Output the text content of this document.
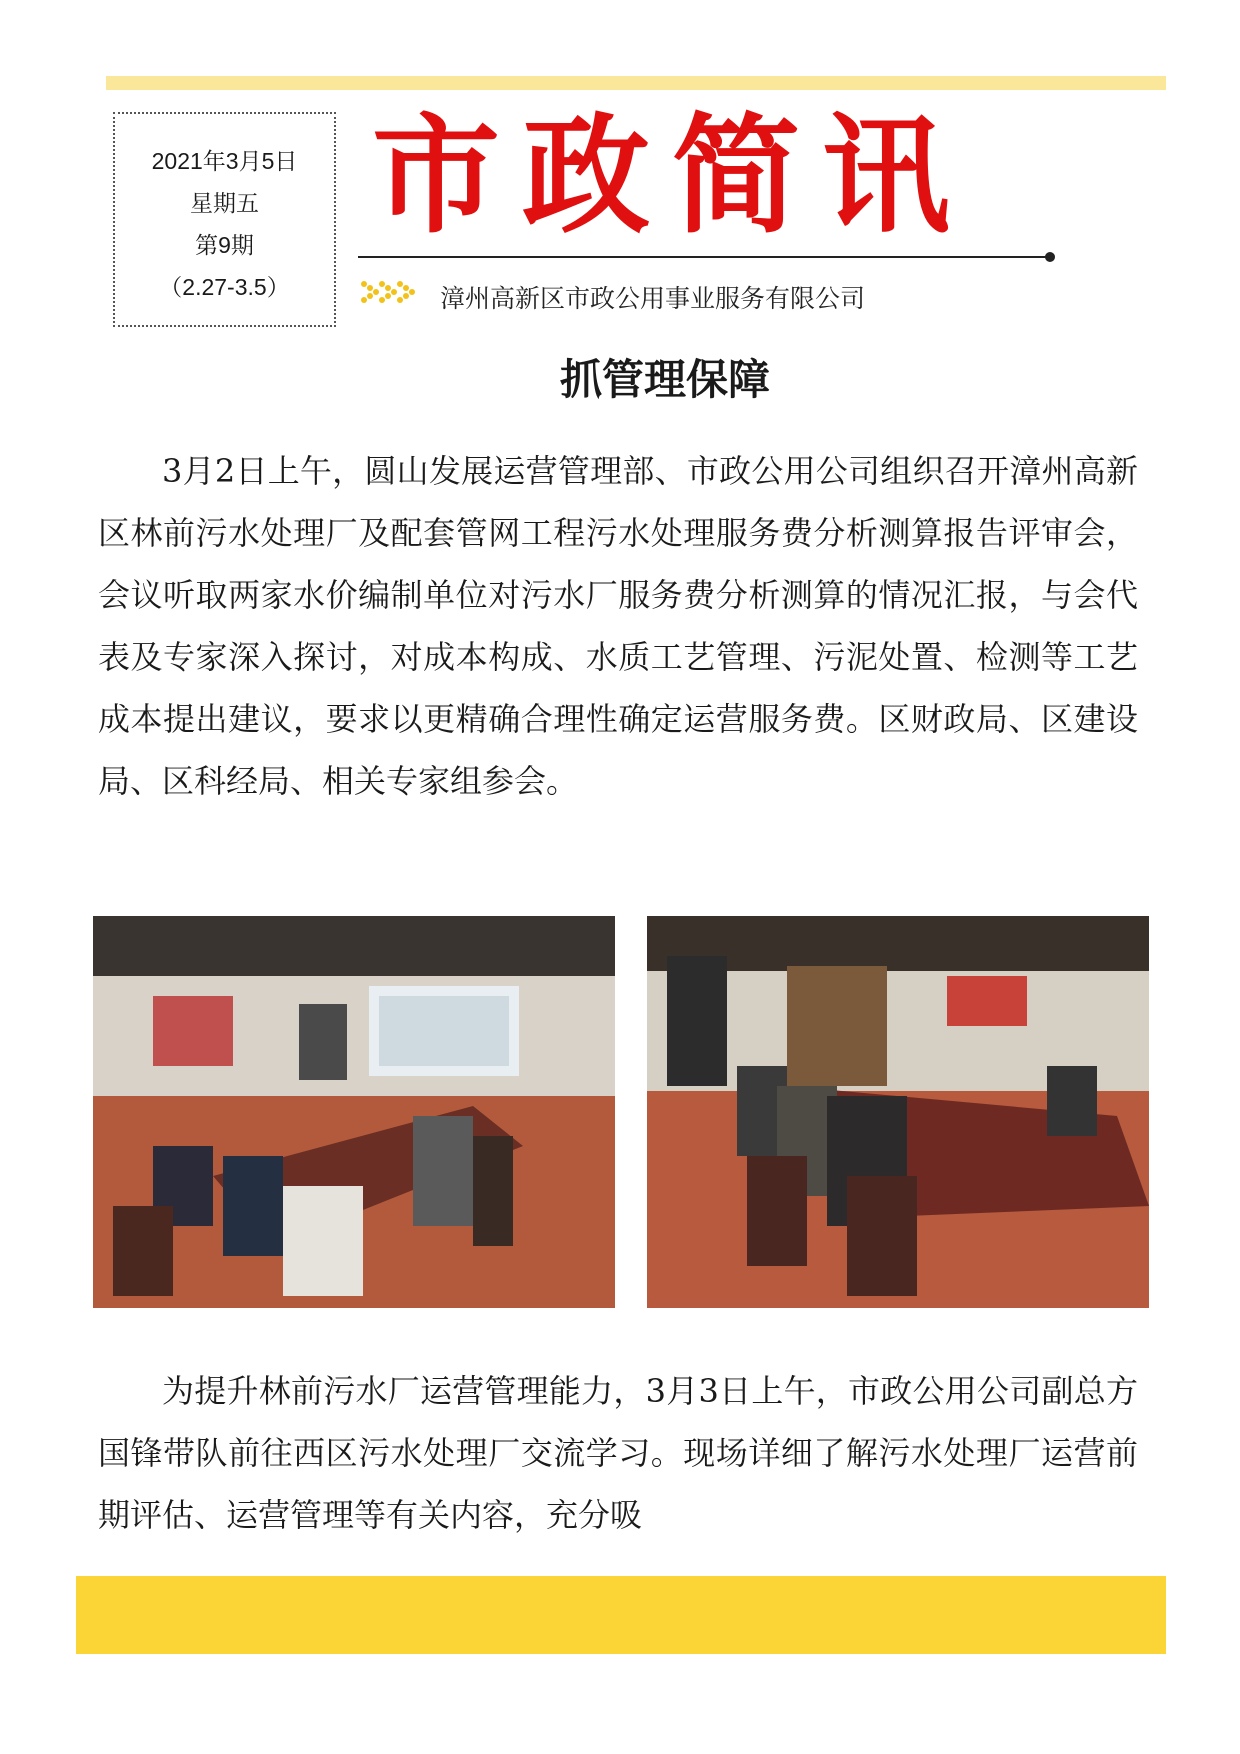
2021年3月5日
星期五
第9期
（2.27-3.5）
市政简讯
漳州高新区市政公用事业服务有限公司
抓管理保障

3月2日上午，圆山发展运营管理部、市政公用公司组织召开漳州高新区林前污水处理厂及配套管网工程污水处理服务费分析测算报告评审会，会议听取两家水价编制单位对污水厂服务费分析测算的情况汇报，与会代表及专家深入探讨，对成本构成、水质工艺管理、污泥处置、检测等工艺成本提出建议，要求以更精确合理性确定运营服务费。区财政局、区建设局、区科经局、相关专家组参会。

为提升林前污水厂运营管理能力，3月3日上午，市政公用公司副总方国锋带队前往西区污水处理厂交流学习。现场详细了解污水处理厂运营前期评估、运营管理等有关内容，充分吸
